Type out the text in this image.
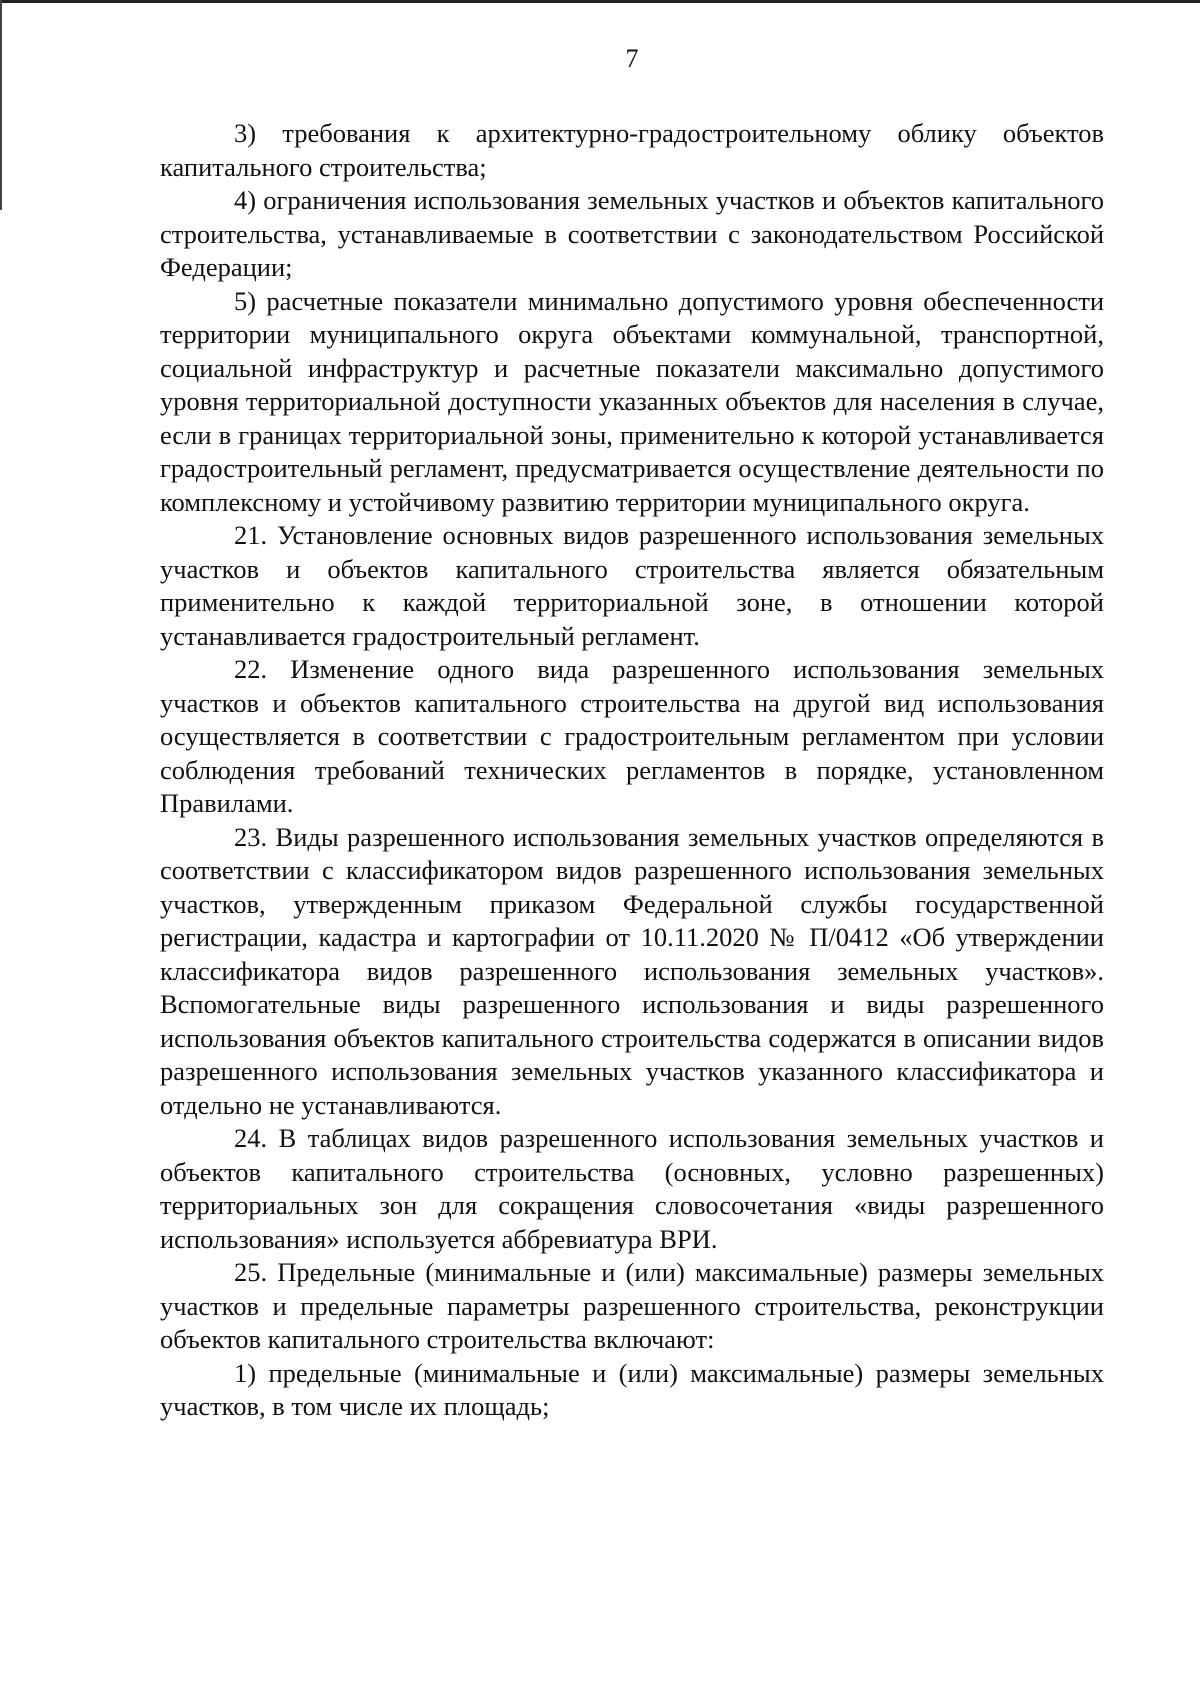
7

3) требования к архитектурно-градостроительному облику объектов капитального строительства;

4) ограничения использования земельных участков и объектов капитального строительства, устанавливаемые в соответствии с законодательством Российской Федерации;

5) расчетные показатели минимально допустимого уровня обеспеченности территории муниципального округа объектами коммунальной, транспортной, социальной инфраструктур и расчетные показатели максимально допустимого уровня территориальной доступности указанных объектов для населения в случае, если в границах территориальной зоны, применительно к которой устанавливается градостроительный регламент, предусматривается осуществление деятельности по комплексному и устойчивому развитию территории муниципального округа.

21. Установление основных видов разрешенного использования земельных участков и объектов капитального строительства является обязательным применительно к каждой территориальной зоне, в отношении которой устанавливается градостроительный регламент.

22. Изменение одного вида разрешенного использования земельных участков и объектов капитального строительства на другой вид использования осуществляется в соответствии с градостроительным регламентом при условии соблюдения требований технических регламентов в порядке, установленном Правилами.

23. Виды разрешенного использования земельных участков определяются в соответствии с классификатором видов разрешенного использования земельных участков, утвержденным приказом Федеральной службы государственной регистрации, кадастра и картографии от 10.11.2020 № П/0412 «Об утверждении классификатора видов разрешенного использования земельных участков». Вспомогательные виды разрешенного использования и виды разрешенного использования объектов капитального строительства содержатся в описании видов разрешенного использования земельных участков указанного классификатора и отдельно не устанавливаются.

24. В таблицах видов разрешенного использования земельных участков и объектов капитального строительства (основных, условно разрешенных) территориальных зон для сокращения словосочетания «виды разрешенного использования» используется аббревиатура ВРИ.

25. Предельные (минимальные и (или) максимальные) размеры земельных участков и предельные параметры разрешенного строительства, реконструкции объектов капитального строительства включают:

1) предельные (минимальные и (или) максимальные) размеры земельных участков, в том числе их площадь;
